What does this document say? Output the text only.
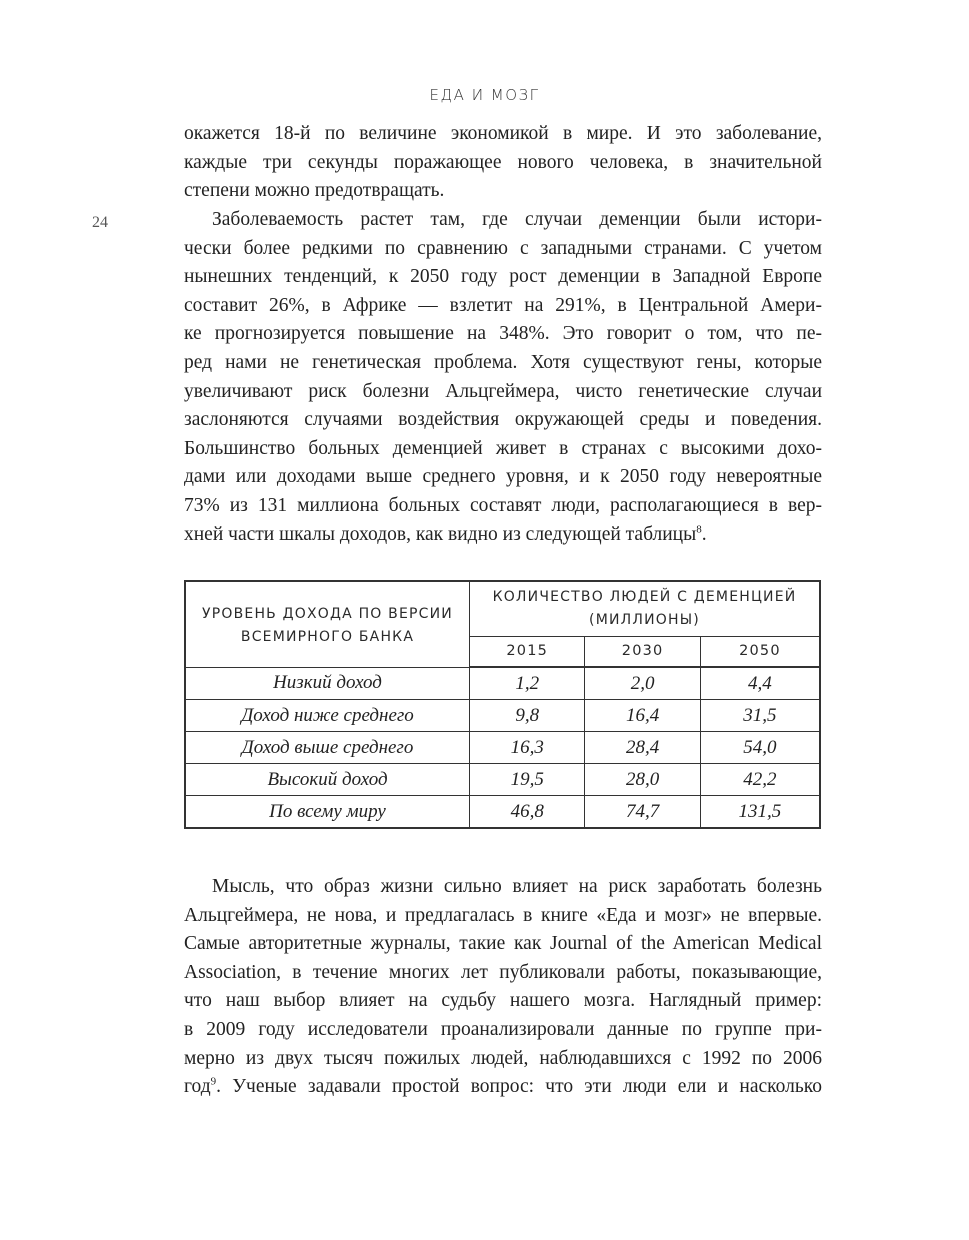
ЕДА И МОЗГ
24
окажется 18-й по величине экономикой в мире. И это заболевание,
каждые три секунды поражающее нового человека, в значительной
степени можно предотвращать.
Заболеваемость растет там, где случаи деменции были истори-
чески более редкими по сравнению с западными странами. С учетом
нынешних тенденций, к 2050 году рост деменции в Западной Европе
составит 26%, в Африке — взлетит на 291%, в Центральной Амери-
ке прогнозируется повышение на 348%. Это говорит о том, что пе-
ред нами не генетическая проблема. Хотя существуют гены, которые
увеличивают риск болезни Альцгеймера, чисто генетические случаи
заслоняются случаями воздействия окружающей среды и поведения.
Большинство больных деменцией живет в странах с высокими дохо-
дами или доходами выше среднего уровня, и к 2050 году невероятные
73% из 131 миллиона больных составят люди, располагающиеся в вер-
хней части шкалы доходов, как видно из следующей таблицы$^8$.
УРОВЕНЬ ДОХОДА ПО ВЕРСИИ ВСЕМИРНОГО БАНКА	КОЛИЧЕСТВО ЛЮДЕЙ С ДЕМЕНЦИЕЙ (МИЛЛИОНЫ)		
	2015	2030	2050
Низкий доход	1,2	2,0	4,4
Доход ниже среднего	9,8	16,4	31,5
Доход выше среднего	16,3	28,4	54,0
Высокий доход	19,5	28,0	42,2
По всему миру	46,8	74,7	131,5
Мысль, что образ жизни сильно влияет на риск заработать болезнь
Альцгеймера, не нова, и предлагалась в книге «Еда и мозг» не впервые.
Самые авторитетные журналы, такие как Journal of the American Medical
Association, в течение многих лет публиковали работы, показывающие,
что наш выбор влияет на судьбу нашего мозга. Наглядный пример:
в 2009 году исследователи проанализировали данные по группе при-
мерно из двух тысяч пожилых людей, наблюдавшихся с 1992 по 2006
год$^9$. Ученые задавали простой вопрос: что эти люди ели и насколько
